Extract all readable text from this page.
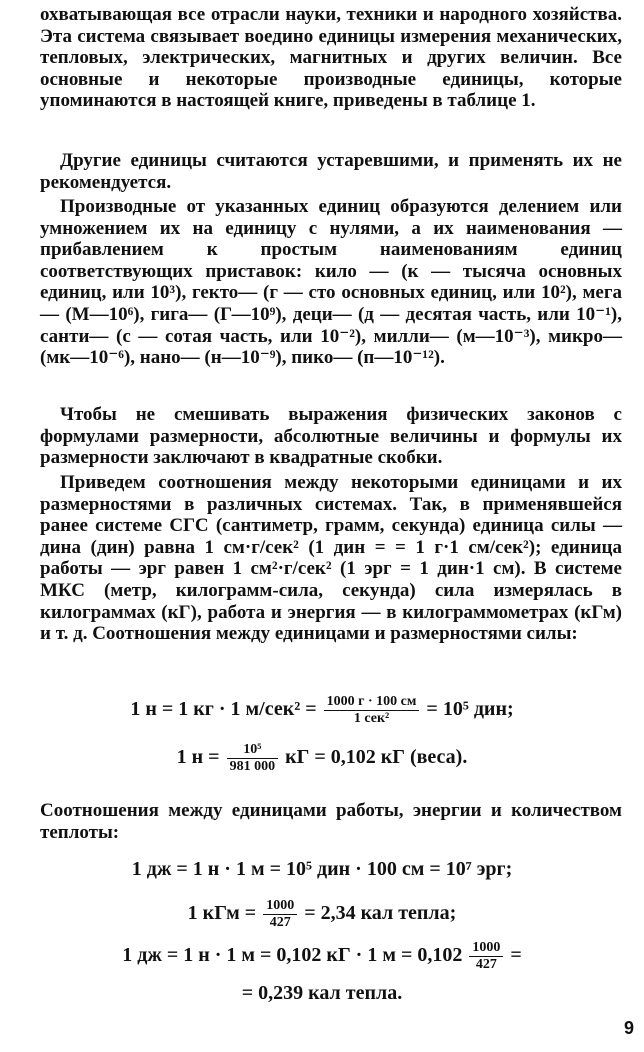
охватывающая все отрасли науки, техники и народного хозяйства. Эта система связывает воедино единицы измерения механических, тепловых, электрических, магнитных и других величин. Все основные и некоторые производные единицы, которые упоминаются в настоящей книге, приведены в таблице 1.
Другие единицы считаются устаревшими, и применять их не рекомендуется.
Производные от указанных единиц образуются делением или умножением их на единицу с нулями, а их наименования — прибавлением к простым наименованиям единиц соответствующих приставок: кило — (к — тысяча основных единиц, или 10³), гекто— (г — сто основных единиц, или 10²), мега— (М—10⁶), гига— (Г—10⁹), деци— (д — десятая часть, или 10⁻¹), санти— (с — сотая часть, или 10⁻²), милли— (м—10⁻³), микро— (мк—10⁻⁶), нано— (н—10⁻⁹), пико— (п—10⁻¹²).
Чтобы не смешивать выражения физических законов с формулами размерности, абсолютные величины и формулы их размерности заключают в квадратные скобки.
Приведем соотношения между некоторыми единицами и их размерностями в различных системах. Так, в применявшейся ранее системе СГС (сантиметр, грамм, секунда) единица силы — дина (дин) равна 1 см·г/сек² (1 дин = = 1 г·1 см/сек²); единица работы — эрг равен 1 см²·г/сек² (1 эрг = 1 дин·1 см). В системе МКС (метр, килограмм-сила, секунда) сила измерялась в килограммах (кГ), работа и энергия — в килограммометрах (кГм) и т. д. Соотношения между единицами и размерностями силы:
1 н = 1 кг · 1 $м/сек^2 = \frac{1000 г \cdot 100 см}{\text{1 сек²}} = 10^5$ дин;
1 $н = \frac{\text{10⁵}}{981 000}$ кГ = 0,102 кГ (веса).
Соотношения между единицами работы, энергии и количеством теплоты:
1 дж = 1 н · 1 м = 10⁵ дин · 100 см = 10⁷ эрг;
1 кГм = $\frac{1000}{427} = 2,34$ кал тепла;
1 дж = 1 н · 1 м = 0,102 кГ · 1 $м = 0,102 \frac{1000}{427}$ =
= 0,239 кал тепла.
9
